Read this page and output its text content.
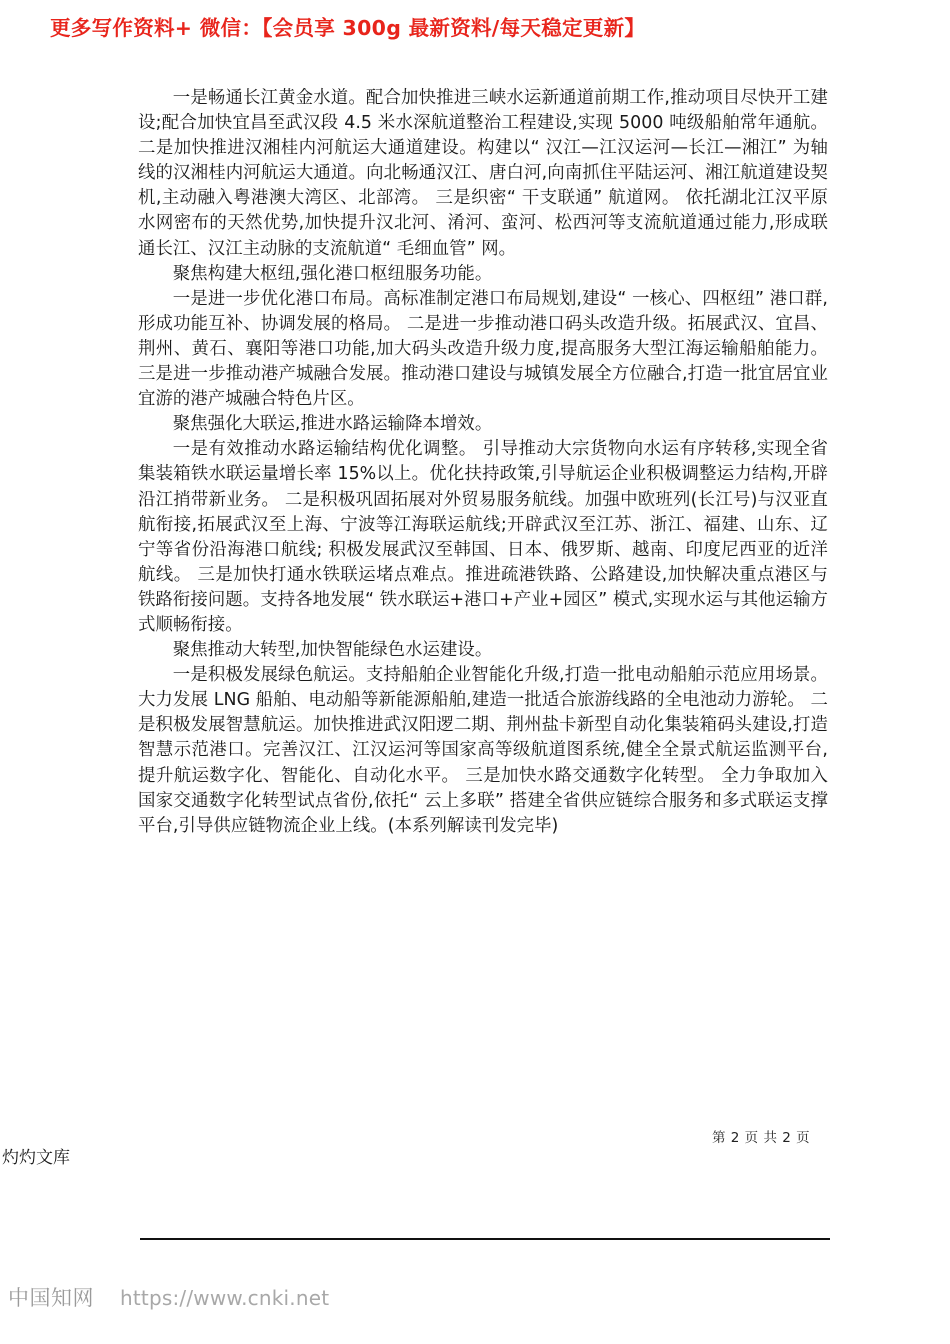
更多写作资料+ 微信：【会员享 300g 最新资料/每天稳定更新】

一是畅通长江黄金水道。配合加快推进三峡水运新通道前期工作,推动项目尽快开工建设;配合加快宜昌至武汉段 4.5 米水深航道整治工程建设,实现 5000 吨级船舶常年通航。 二是加快推进汉湘桂内河航运大通道建设。构建以“ 汉江—江汉运河—长江—湘江” 为轴线的汉湘桂内河航运大通道。向北畅通汉江、唐白河,向南抓住平陆运河、湘江航道建设契机,主动融入粤港澳大湾区、北部湾。 三是织密“ 干支联通” 航道网。 依托湖北江汉平原水网密布的天然优势,加快提升汉北河、淆河、蛮河、松西河等支流航道通过能力,形成联通长江、汉江主动脉的支流航道“ 毛细血管” 网。

聚焦构建大枢纽,强化港口枢纽服务功能。

一是进一步优化港口布局。高标准制定港口布局规划,建设“ 一核心、四枢纽” 港口群,形成功能互补、协调发展的格局。 二是进一步推动港口码头改造升级。拓展武汉、宜昌、荆州、黄石、襄阳等港口功能,加大码头改造升级力度,提高服务大型江海运输船舶能力。 三是进一步推动港产城融合发展。推动港口建设与城镇发展全方位融合,打造一批宜居宜业宜游的港产城融合特色片区。

聚焦强化大联运,推进水路运输降本增效。

一是有效推动水路运输结构优化调整。 引导推动大宗货物向水运有序转移,实现全省集装箱铁水联运量增长率 15%以上。优化扶持政策,引导航运企业积极调整运力结构,开辟沿江捎带新业务。 二是积极巩固拓展对外贸易服务航线。加强中欧班列(长江号)与汉亚直航衔接,拓展武汉至上海、宁波等江海联运航线;开辟武汉至江苏、浙江、福建、山东、辽宁等省份沿海港口航线; 积极发展武汉至韩国、日本、俄罗斯、越南、印度尼西亚的近洋航线。 三是加快打通水铁联运堵点难点。推进疏港铁路、公路建设,加快解决重点港区与铁路衔接问题。支持各地发展“ 铁水联运+港口+产业+园区” 模式,实现水运与其他运输方式顺畅衔接。

聚焦推动大转型,加快智能绿色水运建设。

一是积极发展绿色航运。支持船舶企业智能化升级,打造一批电动船舶示范应用场景。大力发展 LNG 船舶、电动船等新能源船舶,建造一批适合旅游线路的全电池动力游轮。 二是积极发展智慧航运。加快推进武汉阳逻二期、荆州盐卡新型自动化集装箱码头建设,打造智慧示范港口。完善汉江、江汉运河等国家高等级航道图系统,健全全景式航运监测平台,提升航运数字化、智能化、自动化水平。 三是加快水路交通数字化转型。 全力争取加入国家交通数字化转型试点省份,依托“ 云上多联” 搭建全省供应链综合服务和多式联运支撑平台,引导供应链物流企业上线。(本系列解读刊发完毕)

第 2 页 共 2 页
灼灼文库
中国知网 https://www.cnki.net
